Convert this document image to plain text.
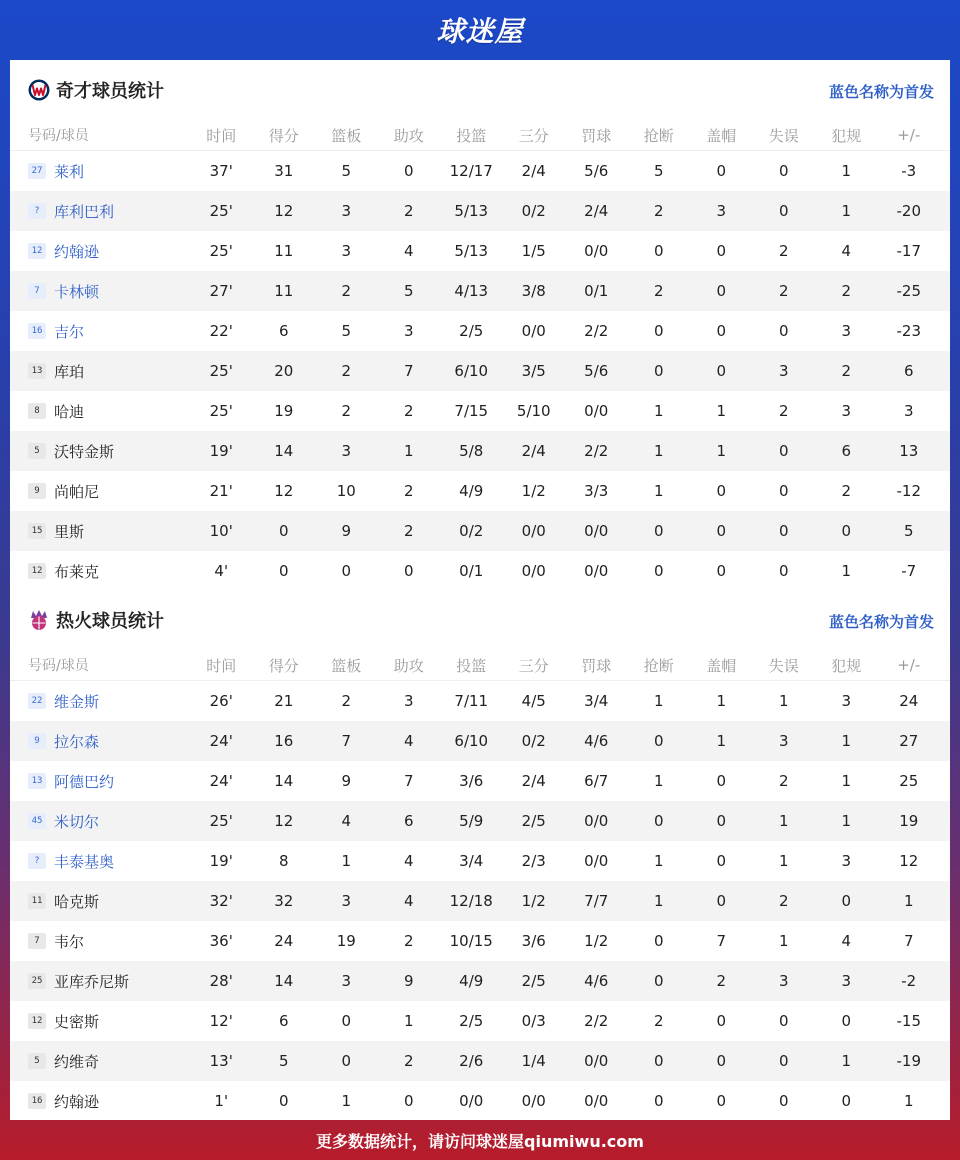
球迷屋
奇才球员统计	蓝色名称为首发
号码/球员	时间	得分	篮板	助攻	投篮	三分	罚球	抢断	盖帽	失误	犯规	+/-
27 莱利	37'	31	5	0	12/17	2/4	5/6	5	0	0	1	-3
? 库利巴利	25'	12	3	2	5/13	0/2	2/4	2	3	0	1	-20
12 约翰逊	25'	11	3	4	5/13	1/5	0/0	0	0	2	4	-17
7 卡林顿	27'	11	2	5	4/13	3/8	0/1	2	0	2	2	-25
16 吉尔	22'	6	5	3	2/5	0/0	2/2	0	0	0	3	-23
13 库珀	25'	20	2	7	6/10	3/5	5/6	0	0	3	2	6
8 哈迪	25'	19	2	2	7/15	5/10	0/0	1	1	2	3	3
5 沃特金斯	19'	14	3	1	5/8	2/4	2/2	1	1	0	6	13
9 尚帕尼	21'	12	10	2	4/9	1/2	3/3	1	0	0	2	-12
15 里斯	10'	0	9	2	0/2	0/0	0/0	0	0	0	0	5
12 布莱克	4'	0	0	0	0/1	0/0	0/0	0	0	0	1	-7
热火球员统计	蓝色名称为首发
号码/球员	时间	得分	篮板	助攻	投篮	三分	罚球	抢断	盖帽	失误	犯规	+/-
22 维金斯	26'	21	2	3	7/11	4/5	3/4	1	1	1	3	24
9 拉尔森	24'	16	7	4	6/10	0/2	4/6	0	1	3	1	27
13 阿德巴约	24'	14	9	7	3/6	2/4	6/7	1	0	2	1	25
45 米切尔	25'	12	4	6	5/9	2/5	0/0	0	0	1	1	19
? 丰泰基奥	19'	8	1	4	3/4	2/3	0/0	1	0	1	3	12
11 哈克斯	32'	32	3	4	12/18	1/2	7/7	1	0	2	0	1
7 韦尔	36'	24	19	2	10/15	3/6	1/2	0	7	1	4	7
25 亚库乔尼斯	28'	14	3	9	4/9	2/5	4/6	0	2	3	3	-2
12 史密斯	12'	6	0	1	2/5	0/3	2/2	2	0	0	0	-15
5 约维奇	13'	5	0	2	2/6	1/4	0/0	0	0	0	1	-19
16 约翰逊	1'	0	1	0	0/0	0/0	0/0	0	0	0	0	1
更多数据统计，请访问球迷屋qiumiwu.com
